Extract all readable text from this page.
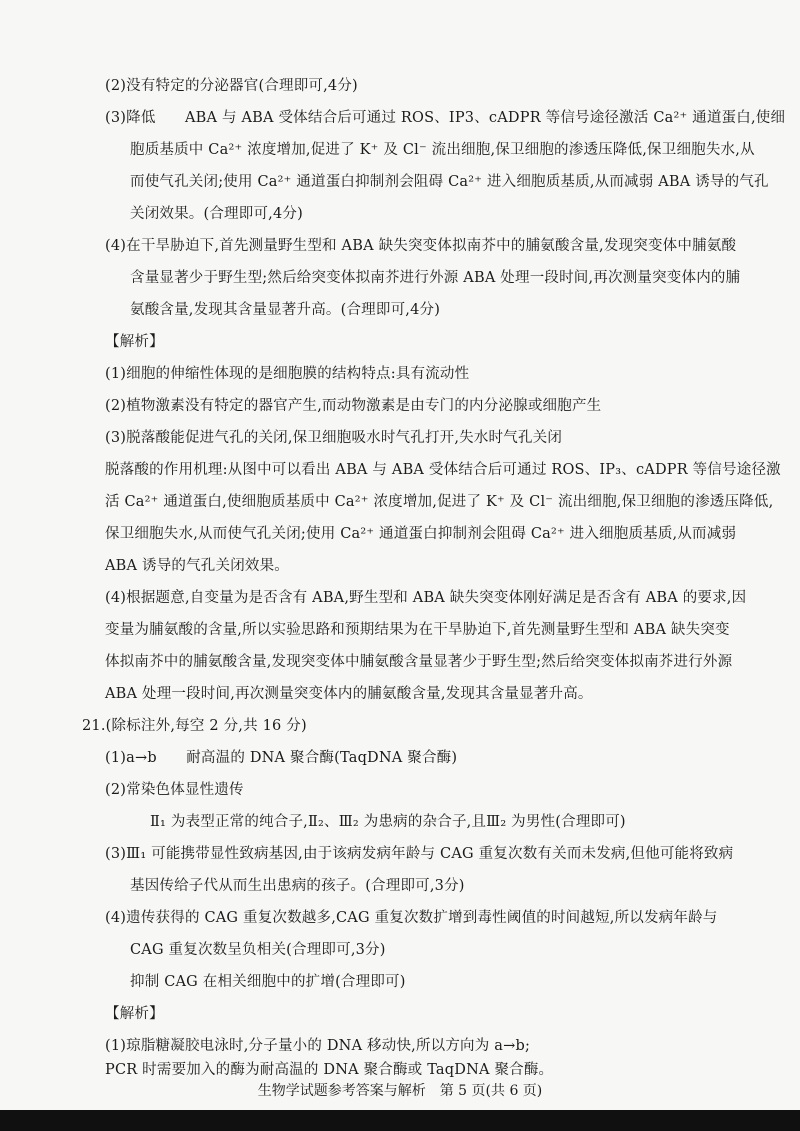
(2)没有特定的分泌器官(合理即可,4分)
(3)降低　　ABA 与 ABA 受体结合后可通过 ROS、IP3、cADPR 等信号途径激活 Ca²⁺ 通道蛋白,使细
胞质基质中 Ca²⁺ 浓度增加,促进了 K⁺ 及 Cl⁻ 流出细胞,保卫细胞的渗透压降低,保卫细胞失水,从
而使气孔关闭;使用 Ca²⁺ 通道蛋白抑制剂会阻碍 Ca²⁺ 进入细胞质基质,从而减弱 ABA 诱导的气孔
关闭效果。(合理即可,4分)
(4)在干旱胁迫下,首先测量野生型和 ABA 缺失突变体拟南芥中的脯氨酸含量,发现突变体中脯氨酸
含量显著少于野生型;然后给突变体拟南芥进行外源 ABA 处理一段时间,再次测量突变体内的脯
氨酸含量,发现其含量显著升高。(合理即可,4分)
【解析】
(1)细胞的伸缩性体现的是细胞膜的结构特点:具有流动性
(2)植物激素没有特定的器官产生,而动物激素是由专门的内分泌腺或细胞产生
(3)脱落酸能促进气孔的关闭,保卫细胞吸水时气孔打开,失水时气孔关闭
脱落酸的作用机理:从图中可以看出 ABA 与 ABA 受体结合后可通过 ROS、IP₃、cADPR 等信号途径激
活 Ca²⁺ 通道蛋白,使细胞质基质中 Ca²⁺ 浓度增加,促进了 K⁺ 及 Cl⁻ 流出细胞,保卫细胞的渗透压降低,
保卫细胞失水,从而使气孔关闭;使用 Ca²⁺ 通道蛋白抑制剂会阻碍 Ca²⁺ 进入细胞质基质,从而减弱
ABA 诱导的气孔关闭效果。
(4)根据题意,自变量为是否含有 ABA,野生型和 ABA 缺失突变体刚好满足是否含有 ABA 的要求,因
变量为脯氨酸的含量,所以实验思路和预期结果为在干旱胁迫下,首先测量野生型和 ABA 缺失突变
体拟南芥中的脯氨酸含量,发现突变体中脯氨酸含量显著少于野生型;然后给突变体拟南芥进行外源
ABA 处理一段时间,再次测量突变体内的脯氨酸含量,发现其含量显著升高。
21.(除标注外,每空 2 分,共 16 分)
(1)a→b　　耐高温的 DNA 聚合酶(TaqDNA 聚合酶)
(2)常染色体显性遗传
Ⅱ₁ 为表型正常的纯合子,Ⅱ₂、Ⅲ₂ 为患病的杂合子,且Ⅲ₂ 为男性(合理即可)
(3)Ⅲ₁ 可能携带显性致病基因,由于该病发病年龄与 CAG 重复次数有关而未发病,但他可能将致病
基因传给子代从而生出患病的孩子。(合理即可,3分)
(4)遗传获得的 CAG 重复次数越多,CAG 重复次数扩增到毒性阈值的时间越短,所以发病年龄与
CAG 重复次数呈负相关(合理即可,3分)
抑制 CAG 在相关细胞中的扩增(合理即可)
【解析】
(1)琼脂糖凝胶电泳时,分子量小的 DNA 移动快,所以方向为 a→b;
PCR 时需要加入的酶为耐高温的 DNA 聚合酶或 TaqDNA 聚合酶。
生物学试题参考答案与解析　第 5 页(共 6 页)
